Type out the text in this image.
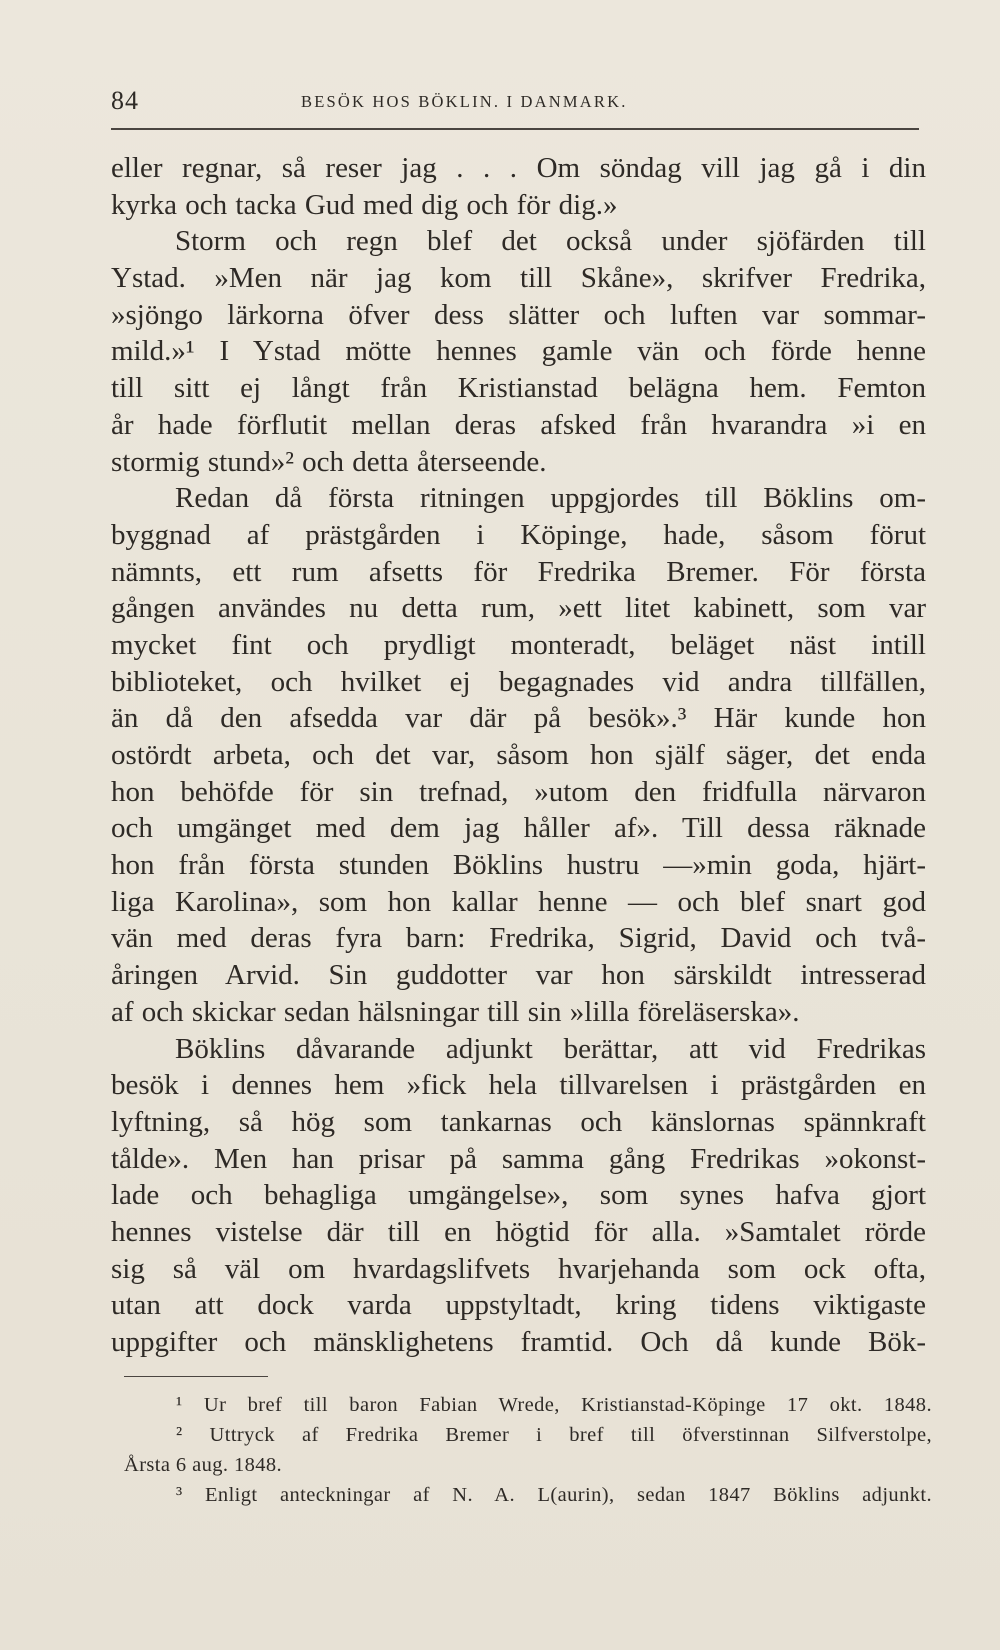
84	BESÖK HOS BÖKLIN. I DANMARK.
eller regnar, så reser jag . . . Om söndag vill jag gå i din
kyrka och tacka Gud med dig och för dig.»
Storm och regn blef det också under sjöfärden till
Ystad. »Men när jag kom till Skåne», skrifver Fredrika,
»sjöngo lärkorna öfver dess slätter och luften var sommar-
mild.»¹ I Ystad mötte hennes gamle vän och förde henne
till sitt ej långt från Kristianstad belägna hem. Femton
år hade förflutit mellan deras afsked från hvarandra »i en
stormig stund»² och detta återseende.
Redan då första ritningen uppgjordes till Böklins om-
byggnad af prästgården i Köpinge, hade, såsom förut
nämnts, ett rum afsetts för Fredrika Bremer. För första
gången användes nu detta rum, »ett litet kabinett, som var
mycket fint och prydligt monteradt, beläget näst intill
biblioteket, och hvilket ej begagnades vid andra tillfällen,
än då den afsedda var där på besök».³ Här kunde hon
ostördt arbeta, och det var, såsom hon själf säger, det enda
hon behöfde för sin trefnad, »utom den fridfulla närvaron
och umgänget med dem jag håller af». Till dessa räknade
hon från första stunden Böklins hustru —»min goda, hjärt-
liga Karolina», som hon kallar henne — och blef snart god
vän med deras fyra barn: Fredrika, Sigrid, David och två-
åringen Arvid. Sin guddotter var hon särskildt intresserad
af och skickar sedan hälsningar till sin »lilla föreläserska».
Böklins dåvarande adjunkt berättar, att vid Fredrikas
besök i dennes hem »fick hela tillvarelsen i prästgården en
lyftning, så hög som tankarnas och känslornas spännkraft
tålde». Men han prisar på samma gång Fredrikas »okonst-
lade och behagliga umgängelse», som synes hafva gjort
hennes vistelse där till en högtid för alla. »Samtalet rörde
sig så väl om hvardagslifvets hvarjehanda som ock ofta,
utan att dock varda uppstyltadt, kring tidens viktigaste
uppgifter och mänsklighetens framtid. Och då kunde Bök-
¹ Ur bref till baron Fabian Wrede, Kristianstad-Köpinge 17 okt. 1848.
² Uttryck af Fredrika Bremer i bref till öfverstinnan Silfverstolpe,
Årsta 6 aug. 1848.
³ Enligt anteckningar af N. A. L(aurin), sedan 1847 Böklins adjunkt.
